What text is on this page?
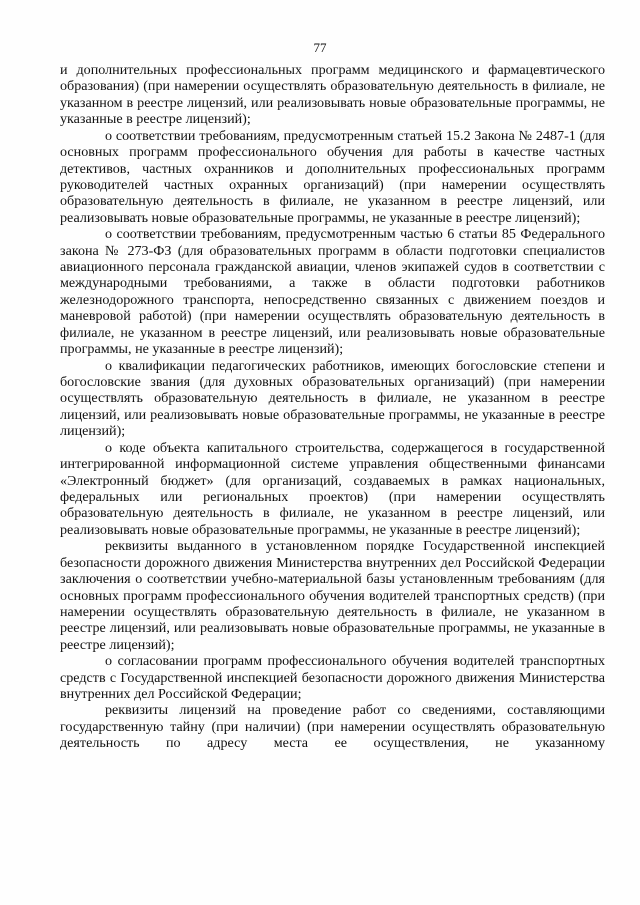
77

и дополнительных профессиональных программ медицинского и фармацевтического образования) (при намерении осуществлять образовательную деятельность в филиале, не указанном в реестре лицензий, или реализовывать новые образовательные программы, не указанные в реестре лицензий);

о соответствии требованиям, предусмотренным статьей 15.2 Закона № 2487-1 (для основных программ профессионального обучения для работы в качестве частных детективов, частных охранников и дополнительных профессиональных программ руководителей частных охранных организаций) (при намерении осуществлять образовательную деятельность в филиале, не указанном в реестре лицензий, или реализовывать новые образовательные программы, не указанные в реестре лицензий);

о соответствии требованиям, предусмотренным частью 6 статьи 85 Федерального закона № 273-ФЗ (для образовательных программ в области подготовки специалистов авиационного персонала гражданской авиации, членов экипажей судов в соответствии с международными требованиями, а также в области подготовки работников железнодорожного транспорта, непосредственно связанных с движением поездов и маневровой работой) (при намерении осуществлять образовательную деятельность в филиале, не указанном в реестре лицензий, или реализовывать новые образовательные программы, не указанные в реестре лицензий);

о квалификации педагогических работников, имеющих богословские степени и богословские звания (для духовных образовательных организаций) (при намерении осуществлять образовательную деятельность в филиале, не указанном в реестре лицензий, или реализовывать новые образовательные программы, не указанные в реестре лицензий);

о коде объекта капитального строительства, содержащегося в государственной интегрированной информационной системе управления общественными финансами «Электронный бюджет» (для организаций, создаваемых в рамках национальных, федеральных или региональных проектов) (при намерении осуществлять образовательную деятельность в филиале, не указанном в реестре лицензий, или реализовывать новые образовательные программы, не указанные в реестре лицензий);

реквизиты выданного в установленном порядке Государственной инспекцией безопасности дорожного движения Министерства внутренних дел Российской Федерации заключения о соответствии учебно-материальной базы установленным требованиям (для основных программ профессионального обучения водителей транспортных средств) (при намерении осуществлять образовательную деятельность в филиале, не указанном в реестре лицензий, или реализовывать новые образовательные программы, не указанные в реестре лицензий);

о согласовании программ профессионального обучения водителей транспортных средств с Государственной инспекцией безопасности дорожного движения Министерства внутренних дел Российской Федерации;

реквизиты лицензий на проведение работ со сведениями, составляющими государственную тайну (при наличии) (при намерении осуществлять образовательную деятельность по адресу места ее осуществления, не указанному
